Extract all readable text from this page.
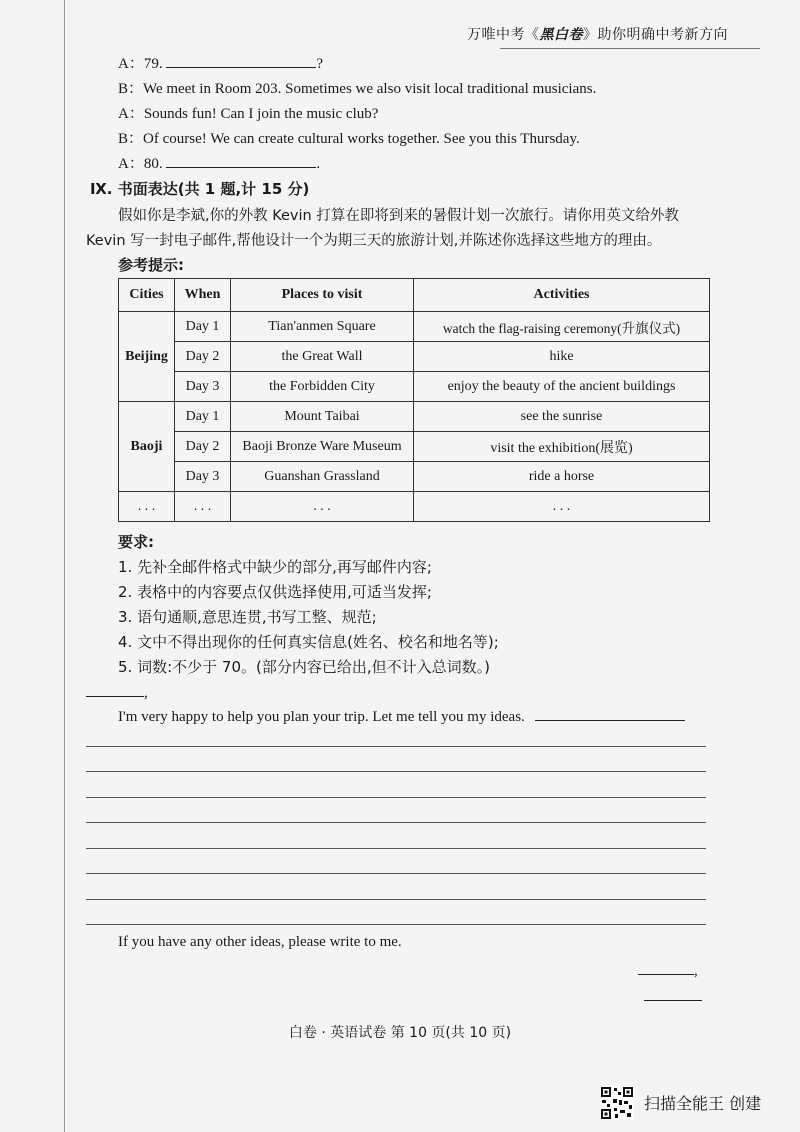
万唯中考《黑白卷》助你明确中考新方向
A：79.	?
B：We meet in Room 203. Sometimes we also visit local traditional musicians.
A：Sounds fun! Can I join the music club?
B：Of course! We can create cultural works together. See you this Thursday.
A：80.	.
Ⅸ. 书面表达(共 1 题,计 15 分)
假如你是李斌,你的外教 Kevin 打算在即将到来的暑假计划一次旅行。请你用英文给外教
Kevin 写一封电子邮件,帮他设计一个为期三天的旅游计划,并陈述你选择这些地方的理由。
参考提示:
Cities	When	Places to visit	Activities
Beijing	Day 1	Tian'anmen Square	watch the flag-raising ceremony(升旗仪式)
	Day 2	the Great Wall	hike
	Day 3	the Forbidden City	enjoy the beauty of the ancient buildings
Baoji	Day 1	Mount Taibai	see the sunrise
	Day 2	Baoji Bronze Ware Museum	visit the exhibition(展览)
	Day 3	Guanshan Grassland	ride a horse
. . .	. . .	. . .	. . .
要求:
1. 先补全邮件格式中缺少的部分,再写邮件内容;
2. 表格中的内容要点仅供选择使用,可适当发挥;
3. 语句通顺,意思连贯,书写工整、规范;
4. 文中不得出现你的任何真实信息(姓名、校名和地名等);
5. 词数:不少于 70。(部分内容已给出,但不计入总词数。)
,
I'm very happy to help you plan your trip. Let me tell you my ideas.
If you have any other ideas, please write to me.
,
白卷 · 英语试卷 第 10 页(共 10 页)
扫描全能王 创建
